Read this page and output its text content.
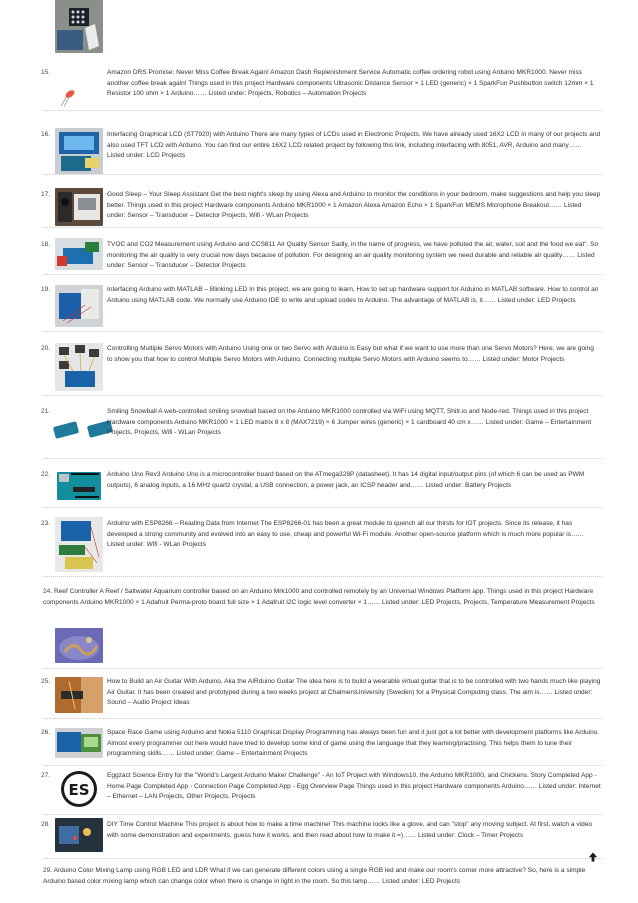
15.	Amazon DRS Promise: Never Miss Coffee Break Again! Amazon Dash Replenishment Service Automatic coffee ordering robot using Arduino MKR1000. Never miss another coffee break again! Things used in this project Hardware components Ultrasonic Distance Sensor × 1 LED (generic) × 1 SparkFun Pushbutton switch 12mm × 1 Resistor 100 ohm × 1 Arduino…… Listed under: Projects, Robotics – Automation Projects
16.	Interfacing Graphical LCD (ST7920) with Arduino There are many types of LCDs used in Electronic Projects. We have already used 16X2 LCD in many of our projects and also used TFT LCD with Arduino. You can find our entire 16X2 LCD related project by following this link, including interfacing with 8051, AVR, Arduino and many…… Listed under: LCD Projects
17.	Good Sleep – Your Sleep Assistant Get the best night's sleep by using Alexa and Arduino to monitor the conditions in your bedroom, make suggestions and help you sleep better. Things used in this project Hardware components Arduino MKR1000 × 1 Amazon Alexa Amazon Echo × 1 SparkFun MEMS Microphone Breakout…… Listed under: Sensor – Transducer – Detector Projects, Wifi - WLan Projects
18.	TVOC and CO2 Measurement using Arduino and CCS811 Air Quality Sensor Sadly, in the name of progress, we have polluted the air, water, soil and the food we eat". So monitoring the air quality is very crucial now days because of pollution. For designing an air quality monitoring system we need durable and reliable air quality…… Listed under: Sensor – Transducer – Detector Projects
19.	Interfacing Arduino with MATLAB – Blinking LED In this project, we are going to learn, How to set up hardware support for Arduino in MATLAB software. How to control an Arduino using MATLAB code. We normally use Arduino IDE to write and upload codes to Arduino. The advantage of MATLAB is, it…… Listed under: LED Projects
20.	Controlling Multiple Servo Motors with Arduino Using one or two Servo with Arduino is Easy but what if we want to use more than one Servo Motors? Here, we are going to show you that how to control Multiple Servo Motors with Arduino. Connecting multiple Servo Motors with Arduino seems to…… Listed under: Motor Projects
21.	Smiling Snowball A web-controlled smiling snowball based on the Arduino MKR1000 controlled via WiFi using MQTT, Shitr.io and Node-red. Things used in this project Hardware components Arduino MKR1000 × 1 LED matrix 8 x 8 (MAX7219) × 6 Jumper wires (generic) × 1 cardboard 40 cm x…… Listed under: Game – Entertainment Projects, Projects, Wifi - WLan Projects
22.	Arduino Uno Rev3 Arduino Uno is a microcontroller board based on the ATmega328P (datasheet). It has 14 digital input/output pins (of which 6 can be used as PWM outputs), 6 analog inputs, a 16 MHz quartz crystal, a USB connection, a power jack, an ICSP header and…… Listed under: Battery Projects
23.	Arduino with ESP8266 – Reading Data from Internet The ESP8266-01 has been a great module to quench all our thirsts for IOT projects. Since its release, it has developed a strong community and evolved into an easy to use, cheap and powerful Wi-Fi module. Another open-source platform which is much more popular is…… Listed under: Wifi - WLan Projects
24. Reef Controller A Reef / Saltwater Aquarium controller based on an Arduino Mrk1000 and controlled remotely by an Universal Windows Platform app. Things used in this project Hardware components Arduino MKR1000 × 1 Adafruit Perma-proto board full size × 1 Adafruit I2C logic level converter × 1…… Listed under: LED Projects, Projects, Temperature Measurement Projects
25.	How to Build an Air Guitar With Arduino, Aka the AIRduino Guitar The idea here is to build a wearable virtual guitar that is to be controlled with two hands much like playing Air Guitar. It has been created and prototyped during a two weeks project at ChalmersUniversity (Sweden) for a Physical Computing class. The aim is…… Listed under: Sound – Audio Project Ideas
26.	Space Race Game using Arduino and Nokia 5110 Graphical Display Programming has always been fun and it just got a lot better with development platforms like Arduino. Almost every programmer out here would have tried to develop some kind of game using the language that they learning/practising. This helps them to tune their programming skills…… Listed under: Game – Entertainment Projects
27.
ES
Eggzact Science Entry for the "World's Largest Arduino Maker Challenge" - An IoT Project with Windows10, the Arduino MKR1000, and Chickens. Story Completed App - Home Page Completed App - Connection Page Completed App - Egg Overview Page Things used in this project Hardware components Arduino…… Listed under: Internet – Ethernet – LAN Projects, Other Projects, Projects
28.	DIY Time Control Machine This project is about how to make a time machine! This machine looks like a glove, and can "stop" any moving subject. At first, watch a video with some demonstration and experiments, guess how it works, and then read about how to make it =)…… Listed under: Clock – Timer Projects
29. Arduino Color Mixing Lamp using RGB LED and LDR What if we can generate different colors using a single RGB led and make our room's corner more attractive? So, here is a simple Arduino based color mixing lamp which can change color when there is change in light in the room. So this lamp…… Listed under: LED Projects
